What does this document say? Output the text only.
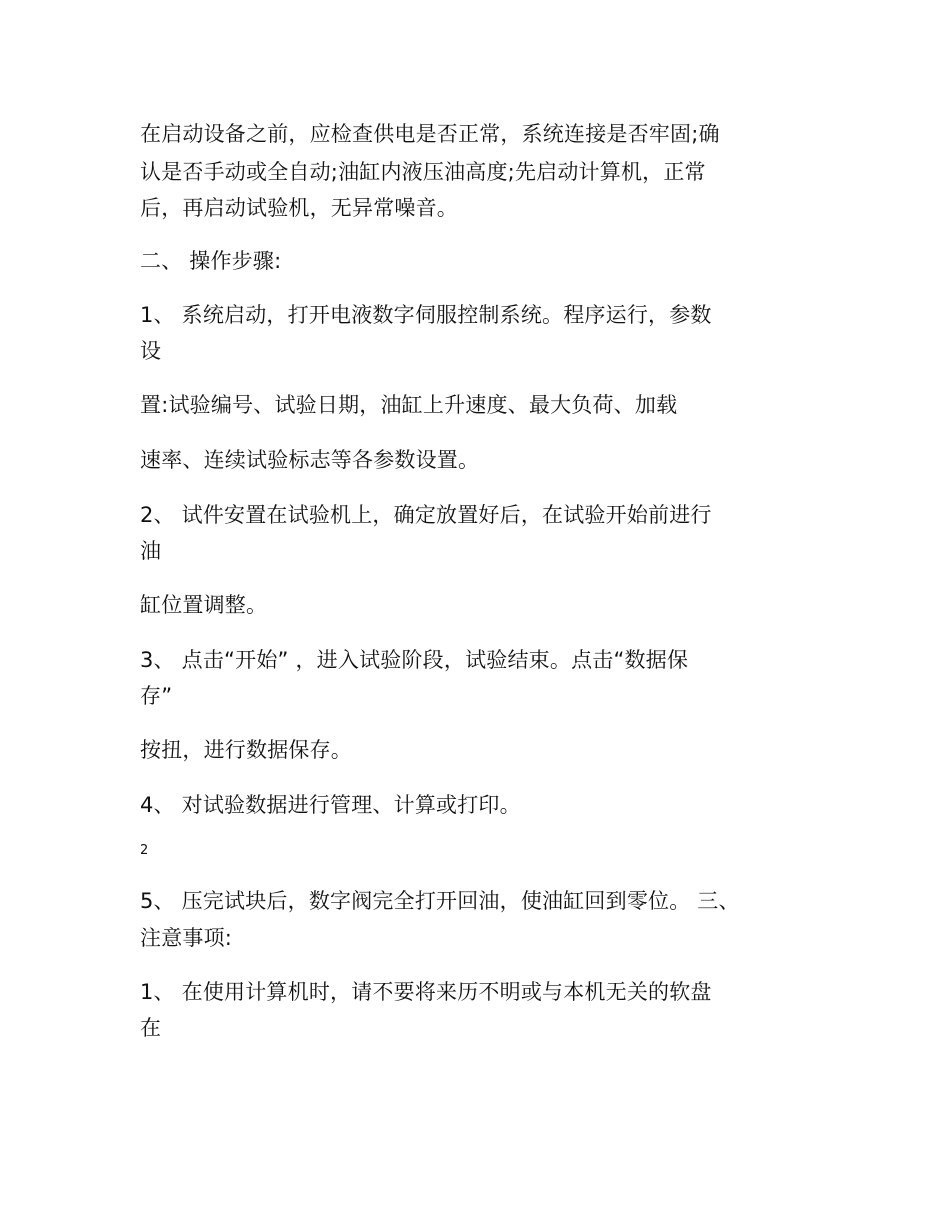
在启动设备之前，应检查供电是否正常，系统连接是否牢固;确
认是否手动或全自动;油缸内液压油高度;先启动计算机，正常
后，再启动试验机，无异常噪音。
二、 操作步骤:
1、 系统启动，打开电液数字伺服控制系统。程序运行，参数
设
置:试验编号、试验日期，油缸上升速度、最大负荷、加载
速率、连续试验标志等各参数设置。
2、 试件安置在试验机上，确定放置好后，在试验开始前进行
油
缸位置调整。
3、 点击“开始” ，进入试验阶段，试验结束。点击“数据保
存”
按扭，进行数据保存。
4、 对试验数据进行管理、计算或打印。
2
5、 压完试块后，数字阀完全打开回油，使油缸回到零位。 三、
注意事项:
1、 在使用计算机时，请不要将来历不明或与本机无关的软盘
在
